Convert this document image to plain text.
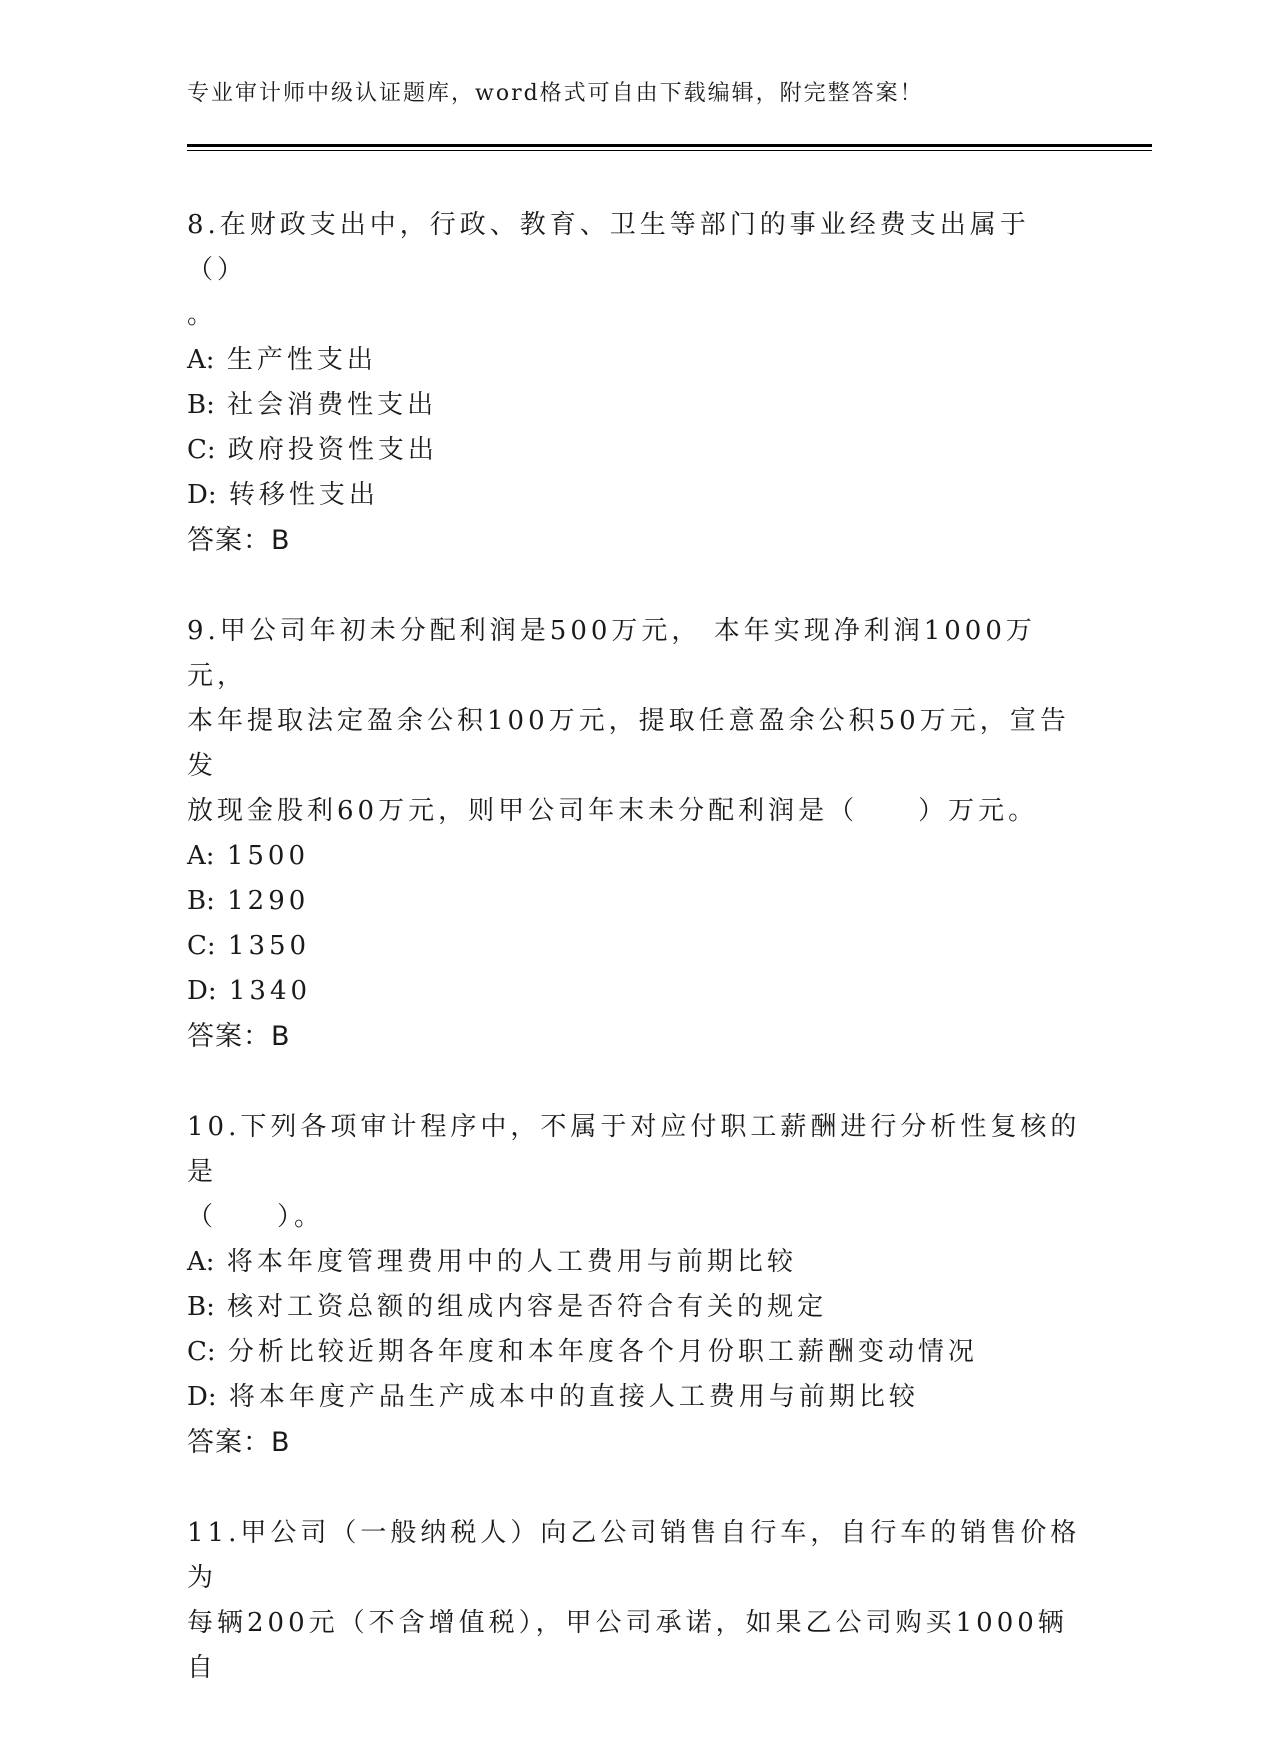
专业审计师中级认证题库，word格式可自由下载编辑，附完整答案！

8.在财政支出中，行政、教育、卫生等部门的事业经费支出属于（）
。

A: 生产性支出
B: 社会消费性支出
C: 政府投资性支出
D: 转移性支出
答案：B

9.甲公司年初未分配利润是500万元， 本年实现净利润1000万元，
本年提取法定盈余公积100万元，提取任意盈余公积50万元，宣告发
放现金股利60万元，则甲公司年末未分配利润是（　　）万元。

A: 1500
B: 1290
C: 1350
D: 1340
答案：B

10.下列各项审计程序中，不属于对应付职工薪酬进行分析性复核的是
（　　）。

A: 将本年度管理费用中的人工费用与前期比较
B: 核对工资总额的组成内容是否符合有关的规定
C: 分析比较近期各年度和本年度各个月份职工薪酬变动情况
D: 将本年度产品生产成本中的直接人工费用与前期比较
答案：B

11.甲公司（一般纳税人）向乙公司销售自行车，自行车的销售价格为
每辆200元（不含增值税），甲公司承诺，如果乙公司购买1000辆自
